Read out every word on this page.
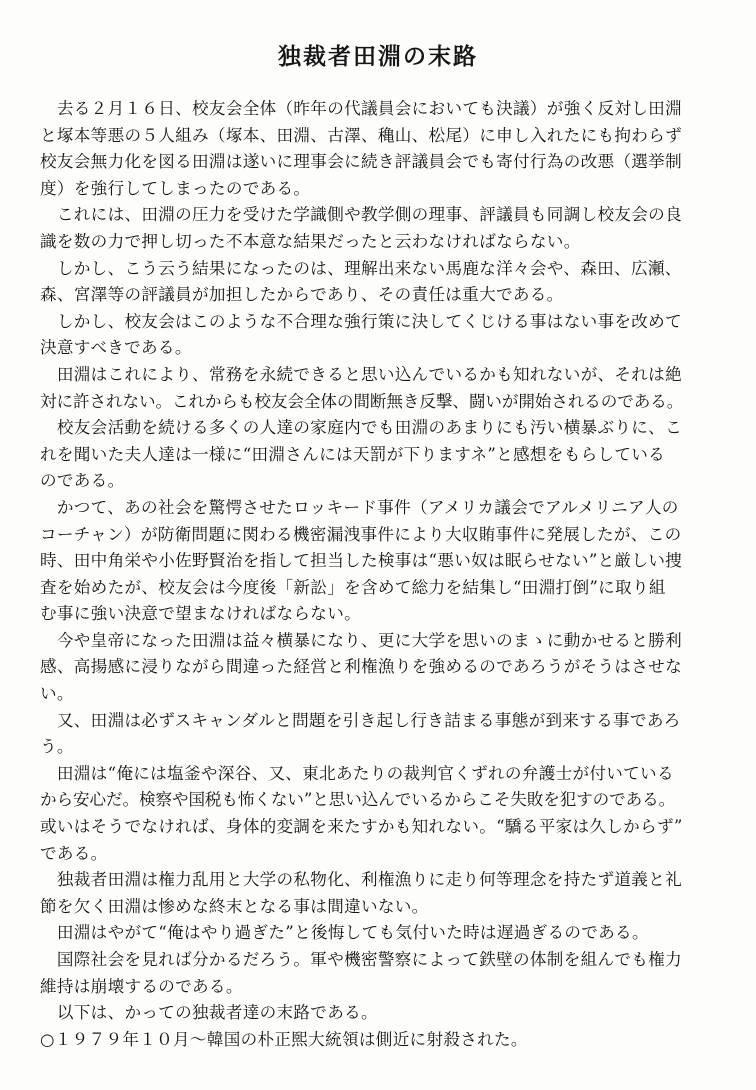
独裁者田淵の末路
　去る２月１６日、校友会全体（昨年の代議員会においても決議）が強く反対し田淵
と塚本等悪の５人組み（塚本、田淵、古澤、穐山、松尾）に申し入れたにも拘わらず
校友会無力化を図る田淵は遂いに理事会に続き評議員会でも寄付行為の改悪（選挙制
度）を強行してしまったのである。
　これには、田淵の圧力を受けた学識側や教学側の理事、評議員も同調し校友会の良
識を数の力で押し切った不本意な結果だったと云わなければならない。
　しかし、こう云う結果になったのは、理解出来ない馬鹿な洋々会や、森田、広瀬、
森、宮澤等の評議員が加担したからであり、その責任は重大である。
　しかし、校友会はこのような不合理な強行策に決してくじける事はない事を改めて
決意すべきである。
　田淵はこれにより、常務を永続できると思い込んでいるかも知れないが、それは絶
対に許されない。これからも校友会全体の間断無き反撃、闘いが開始されるのである。
　校友会活動を続ける多くの人達の家庭内でも田淵のあまりにも汚い横暴ぶりに、こ
れを聞いた夫人達は一様に“田淵さんには天罰が下りますネ”と感想をもらしている
のである。
　かつて、あの社会を驚愕させたロッキード事件（アメリカ議会でアルメリニア人の
コーチャン）が防衛問題に関わる機密漏洩事件により大収賄事件に発展したが、この
時、田中角栄や小佐野賢治を指して担当した検事は“悪い奴は眠らせない”と厳しい捜
査を始めたが、校友会は今度後「新訟」を含めて総力を結集し“田淵打倒”に取り組
む事に強い決意で望まなければならない。
　今や皇帝になった田淵は益々横暴になり、更に大学を思いのまゝに動かせると勝利
感、高揚感に浸りながら間違った経営と利権漁りを強めるのであろうがそうはさせな
い。
　又、田淵は必ずスキャンダルと問題を引き起し行き詰まる事態が到来する事であろ
う。
　田淵は“俺には塩釜や深谷、又、東北あたりの裁判官くずれの弁護士が付いている
から安心だ。検察や国税も怖くない”と思い込んでいるからこそ失敗を犯すのである。
或いはそうでなければ、身体的変調を来たすかも知れない。“驕る平家は久しからず”
である。
　独裁者田淵は権力乱用と大学の私物化、利権漁りに走り何等理念を持たず道義と礼
節を欠く田淵は惨めな終末となる事は間違いない。
　田淵はやがて“俺はやり過ぎた”と後悔しても気付いた時は遅過ぎるのである。
　国際社会を見れば分かるだろう。軍や機密警察によって鉄壁の体制を組んでも権力
維持は崩壊するのである。
　以下は、かっての独裁者達の末路である。
○１９７９年１０月～韓国の朴正煕大統領は側近に射殺された。
